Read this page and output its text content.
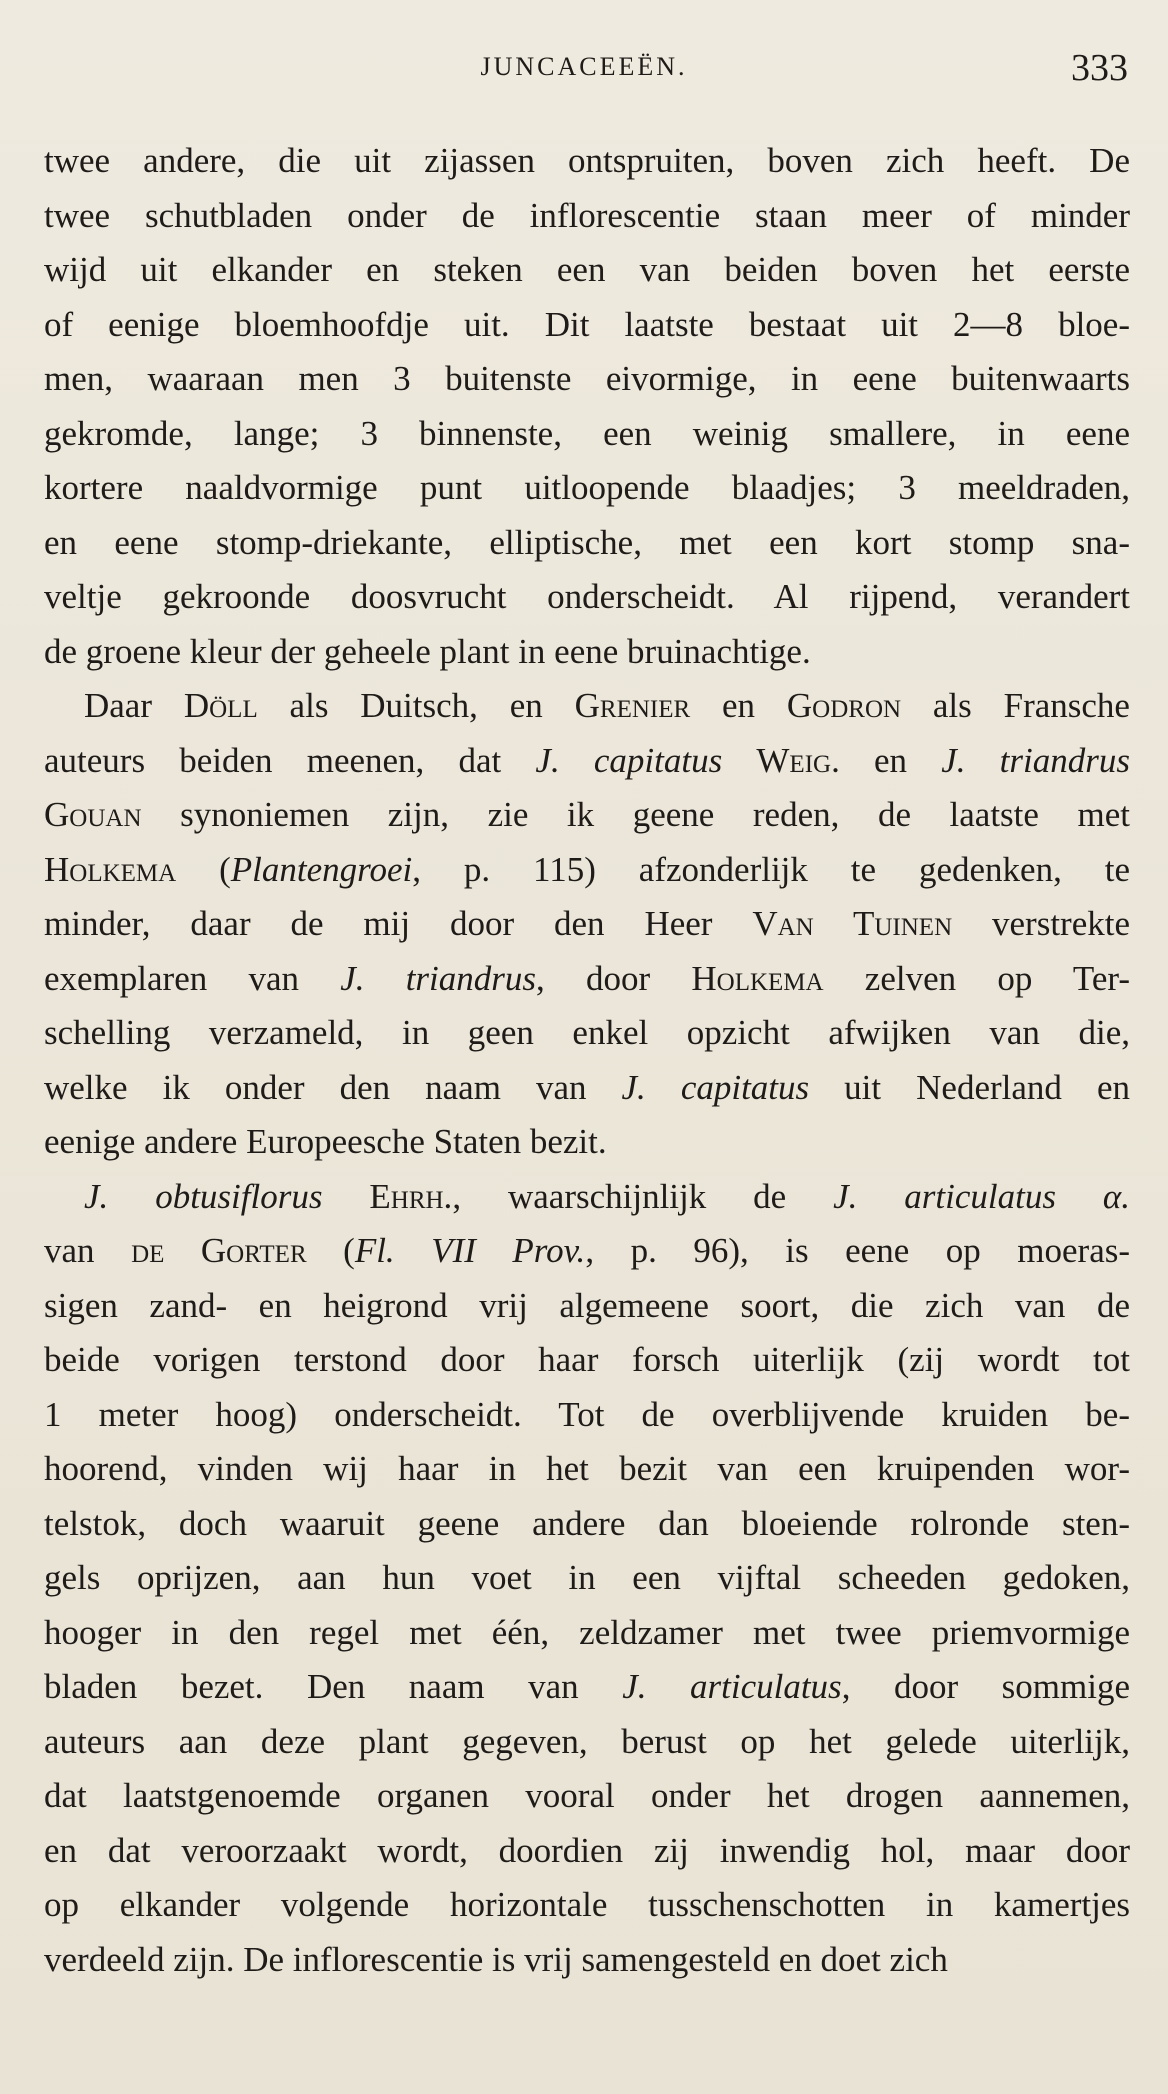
JUNCACEEËN.	333
twee andere, die uit zijassen ontspruiten, boven zich heeft. De
twee schutbladen onder de inflorescentie staan meer of minder
wijd uit elkander en steken een van beiden boven het eerste
of eenige bloemhoofdje uit. Dit laatste bestaat uit 2—8 bloe-
men, waaraan men 3 buitenste eivormige, in eene buitenwaarts
gekromde, lange; 3 binnenste, een weinig smallere, in eene
kortere naaldvormige punt uitloopende blaadjes; 3 meeldraden,
en eene stomp-driekante, elliptische, met een kort stomp sna-
veltje gekroonde doosvrucht onderscheidt. Al rijpend, verandert
de groene kleur der geheele plant in eene bruinachtige.
Daar Döll als Duitsch, en Grenier en Godron als Fransche
auteurs beiden meenen, dat J. capitatus Weig. en J. triandrus
Gouan synoniemen zijn, zie ik geene reden, de laatste met
Holkema (Plantengroei, p. 115) afzonderlijk te gedenken, te
minder, daar de mij door den Heer Van Tuinen verstrekte
exemplaren van J. triandrus, door Holkema zelven op Ter-
schelling verzameld, in geen enkel opzicht afwijken van die,
welke ik onder den naam van J. capitatus uit Nederland en
eenige andere Europeesche Staten bezit.
J. obtusiflorus Ehrh., waarschijnlijk de J. articulatus α.
van de Gorter (Fl. VII Prov., p. 96), is eene op moeras-
sigen zand- en heigrond vrij algemeene soort, die zich van de
beide vorigen terstond door haar forsch uiterlijk (zij wordt tot
1 meter hoog) onderscheidt. Tot de overblijvende kruiden be-
hoorend, vinden wij haar in het bezit van een kruipenden wor-
telstok, doch waaruit geene andere dan bloeiende rolronde sten-
gels oprijzen, aan hun voet in een vijftal scheeden gedoken,
hooger in den regel met één, zeldzamer met twee priemvormige
bladen bezet. Den naam van J. articulatus, door sommige
auteurs aan deze plant gegeven, berust op het gelede uiterlijk,
dat laatstgenoemde organen vooral onder het drogen aannemen,
en dat veroorzaakt wordt, doordien zij inwendig hol, maar door
op elkander volgende horizontale tusschenschotten in kamertjes
verdeeld zijn. De inflorescentie is vrij samengesteld en doet zich
